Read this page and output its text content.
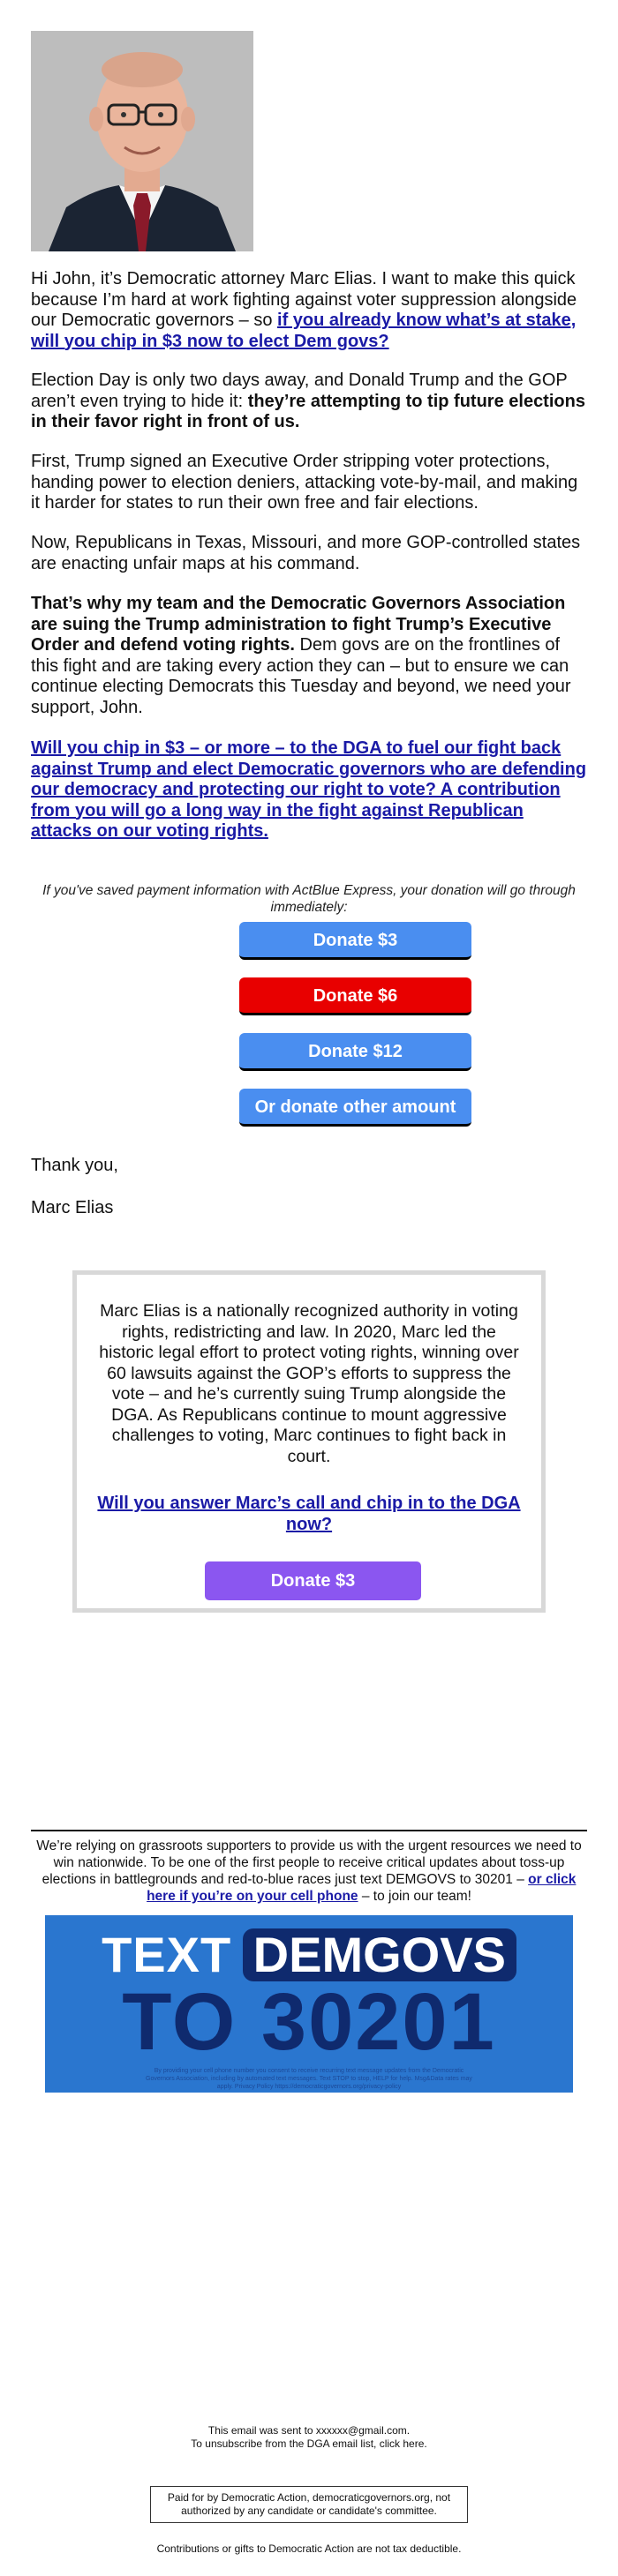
Hi John, it’s Democratic attorney Marc Elias. I want to make this quick because I’m hard at work fighting against voter suppression alongside our Democratic governors – so if you already know what’s at stake, will you chip in $3 now to elect Dem govs?

Election Day is only two days away, and Donald Trump and the GOP aren’t even trying to hide it: they’re attempting to tip future elections in their favor right in front of us.

First, Trump signed an Executive Order stripping voter protections, handing power to election deniers, attacking vote-by-mail, and making it harder for states to run their own free and fair elections.

Now, Republicans in Texas, Missouri, and more GOP-controlled states are enacting unfair maps at his command.

That’s why my team and the Democratic Governors Association are suing the Trump administration to fight Trump’s Executive Order and defend voting rights. Dem govs are on the frontlines of this fight and are taking every action they can – but to ensure we can continue electing Democrats this Tuesday and beyond, we need your support, John.

Will you chip in $3 – or more – to the DGA to fuel our fight back against Trump and elect Democratic governors who are defending our democracy and protecting our right to vote? A contribution from you will go a long way in the fight against Republican attacks on our voting rights.

If you've saved payment information with ActBlue Express, your donation will go through immediately:

Donate $3
Donate $6
Donate $12
Or donate other amount

Thank you,

Marc Elias

Marc Elias is a nationally recognized authority in voting rights, redistricting and law. In 2020, Marc led the historic legal effort to protect voting rights, winning over 60 lawsuits against the GOP’s efforts to suppress the vote – and he’s currently suing Trump alongside the DGA. As Republicans continue to mount aggressive challenges to voting, Marc continues to fight back in court.

Will you answer Marc’s call and chip in to the DGA now?

Donate $3

We’re relying on grassroots supporters to provide us with the urgent resources we need to win nationwide. To be one of the first people to receive critical updates about toss-up elections in battlegrounds and red-to-blue races just text DEMGOVS to 30201 – or click here if you’re on your cell phone – to join our team!

TEXT DEMGOVS
TO 30201
By providing your cell phone number you consent to receive recurring text message updates from the Democratic Governors Association, including by automated text messages. Text STOP to stop, HELP for help. Msg&Data rates may apply. Privacy Policy https://democraticgovernors.org/privacy-policy

This email was sent to xxxxxx@gmail.com.

To unsubscribe from the DGA email list, click here.

Paid for by Democratic Action, democraticgovernors.org, not authorized by any candidate or candidate's committee.

Contributions or gifts to Democratic Action are not tax deductible.
